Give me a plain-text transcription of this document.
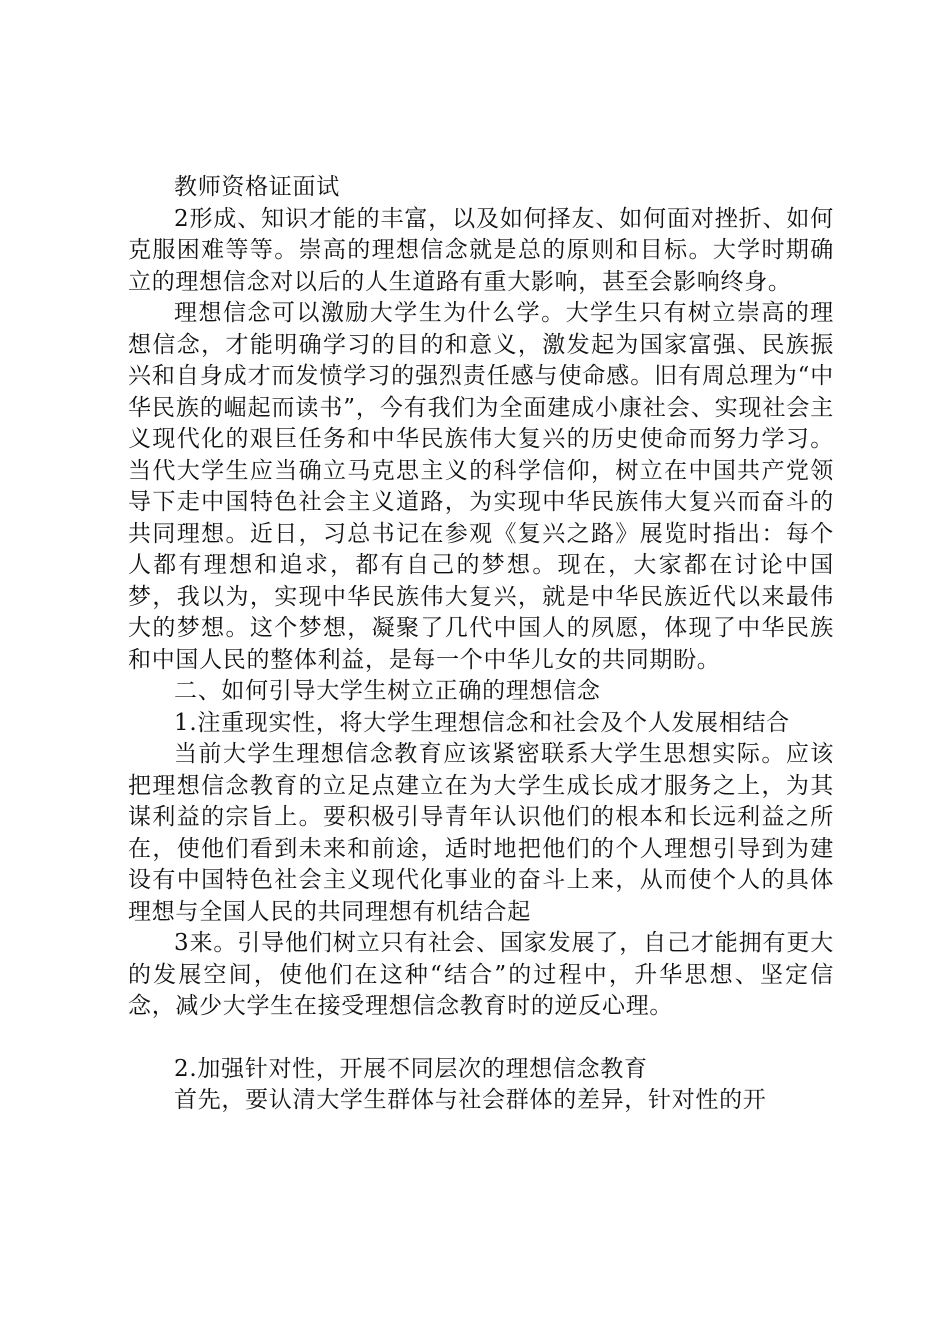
教师资格证面试

2形成、知识才能的丰富，以及如何择友、如何面对挫折、如何克服困难等等。崇高的理想信念就是总的原则和目标。大学时期确立的理想信念对以后的人生道路有重大影响，甚至会影响终身。

理想信念可以激励大学生为什么学。大学生只有树立崇高的理想信念，才能明确学习的目的和意义，激发起为国家富强、民族振兴和自身成才而发愤学习的强烈责任感与使命感。旧有周总理为“中华民族的崛起而读书”，今有我们为全面建成小康社会、实现社会主义现代化的艰巨任务和中华民族伟大复兴的历史使命而努力学习。当代大学生应当确立马克思主义的科学信仰，树立在中国共产党领导下走中国特色社会主义道路，为实现中华民族伟大复兴而奋斗的共同理想。近日，习总书记在参观《复兴之路》展览时指出：每个人都有理想和追求，都有自己的梦想。现在，大家都在讨论中国梦，我以为，实现中华民族伟大复兴，就是中华民族近代以来最伟大的梦想。这个梦想，凝聚了几代中国人的夙愿，体现了中华民族和中国人民的整体利益，是每一个中华儿女的共同期盼。

二、如何引导大学生树立正确的理想信念

1.注重现实性，将大学生理想信念和社会及个人发展相结合

当前大学生理想信念教育应该紧密联系大学生思想实际。应该把理想信念教育的立足点建立在为大学生成长成才服务之上，为其谋利益的宗旨上。要积极引导青年认识他们的根本和长远利益之所在，使他们看到未来和前途，适时地把他们的个人理想引导到为建设有中国特色社会主义现代化事业的奋斗上来，从而使个人的具体理想与全国人民的共同理想有机结合起

3来。引导他们树立只有社会、国家发展了，自己才能拥有更大的发展空间，使他们在这种“结合”的过程中，升华思想、坚定信念，减少大学生在接受理想信念教育时的逆反心理。

2.加强针对性，开展不同层次的理想信念教育

首先，要认清大学生群体与社会群体的差异，针对性的开
